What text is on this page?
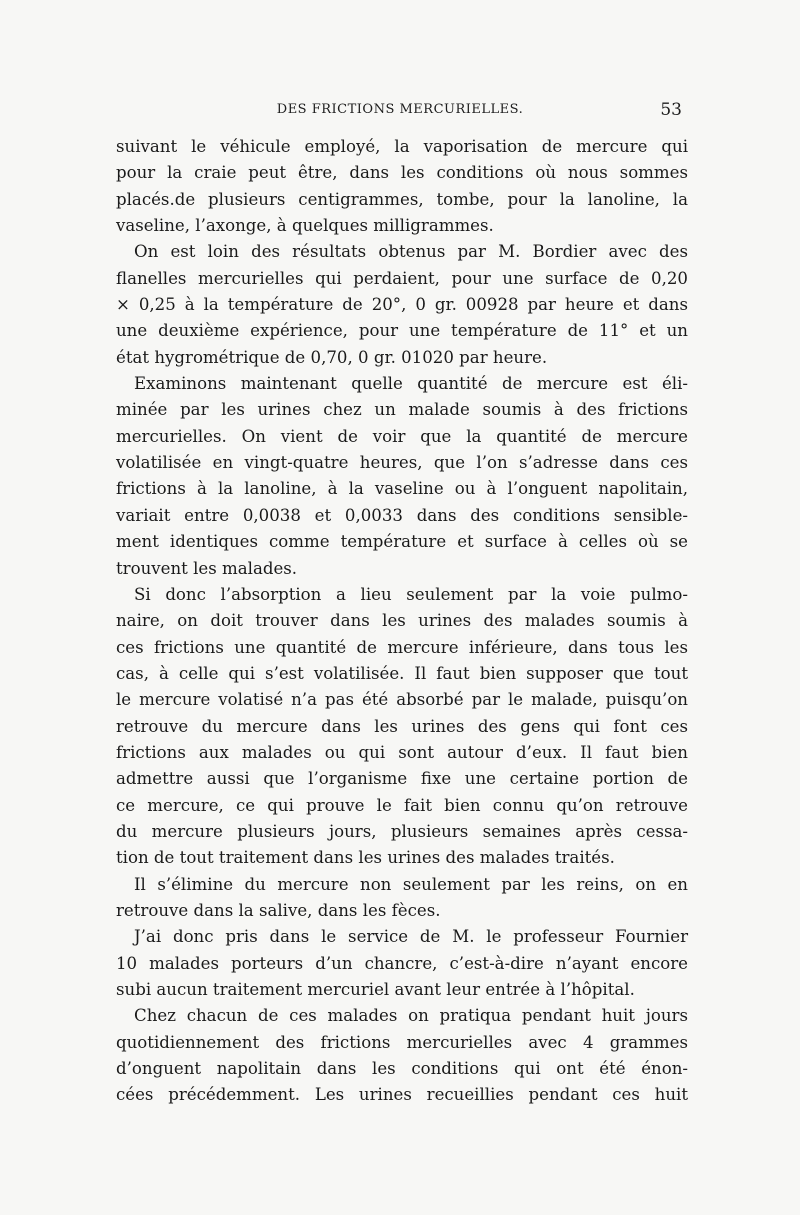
DES FRICTIONS MERCURIELLES.	53
suivant le véhicule employé, la vaporisation de mercure qui
pour la craie peut être, dans les conditions où nous sommes
placés.de plusieurs centigrammes, tombe, pour la lanoline, la
vaseline, l’axonge, à quelques milligrammes.
On est loin des résultats obtenus par M. Bordier avec des
flanelles mercurielles qui perdaient, pour une surface de 0,20
× 0,25 à la température de 20°, 0 gr. 00928 par heure et dans
une deuxième expérience, pour une température de 11° et un
état hygrométrique de 0,70, 0 gr. 01020 par heure.
Examinons maintenant quelle quantité de mercure est éli-
minée par les urines chez un malade soumis à des frictions
mercurielles. On vient de voir que la quantité de mercure
volatilisée en vingt-quatre heures, que l’on s’adresse dans ces
frictions à la lanoline, à la vaseline ou à l’onguent napolitain,
variait entre 0,0038 et 0,0033 dans des conditions sensible-
ment identiques comme température et surface à celles où se
trouvent les malades.
Si donc l’absorption a lieu seulement par la voie pulmo-
naire, on doit trouver dans les urines des malades soumis à
ces frictions une quantité de mercure inférieure, dans tous les
cas, à celle qui s’est volatilisée. Il faut bien supposer que tout
le mercure volatisé n’a pas été absorbé par le malade, puisqu’on
retrouve du mercure dans les urines des gens qui font ces
frictions aux malades ou qui sont autour d’eux. Il faut bien
admettre aussi que l’organisme fixe une certaine portion de
ce mercure, ce qui prouve le fait bien connu qu’on retrouve
du mercure plusieurs jours, plusieurs semaines après cessa-
tion de tout traitement dans les urines des malades traités.
Il s’élimine du mercure non seulement par les reins, on en
retrouve dans la salive, dans les fèces.
J’ai donc pris dans le service de M. le professeur Fournier
10 malades porteurs d’un chancre, c’est-à-dire n’ayant encore
subi aucun traitement mercuriel avant leur entrée à l’hôpital.
Chez chacun de ces malades on pratiqua pendant huit jours
quotidiennement des frictions mercurielles avec 4 grammes
d’onguent napolitain dans les conditions qui ont été énon-
cées précédemment. Les urines recueillies pendant ces huit
